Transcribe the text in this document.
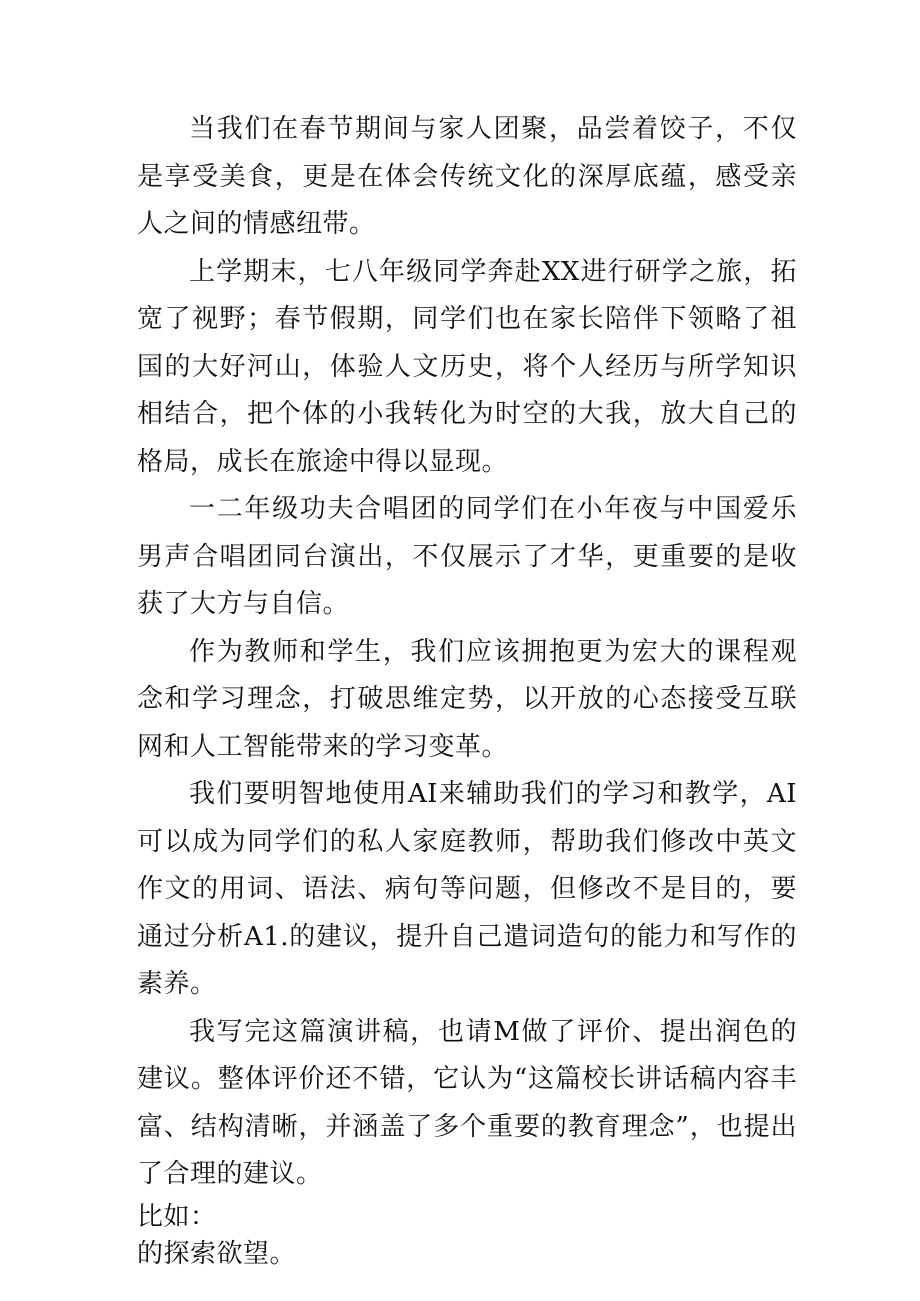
当我们在春节期间与家人团聚，品尝着饺子，不仅是享受美食，更是在体会传统文化的深厚底蕴，感受亲人之间的情感纽带。

上学期末，七八年级同学奔赴XX进行研学之旅，拓宽了视野；春节假期，同学们也在家长陪伴下领略了祖国的大好河山，体验人文历史，将个人经历与所学知识相结合，把个体的小我转化为时空的大我，放大自己的格局，成长在旅途中得以显现。

一二年级功夫合唱团的同学们在小年夜与中国爱乐男声合唱团同台演出，不仅展示了才华，更重要的是收获了大方与自信。

作为教师和学生，我们应该拥抱更为宏大的课程观念和学习理念，打破思维定势，以开放的心态接受互联网和人工智能带来的学习变革。

我们要明智地使用AI来辅助我们的学习和教学，AI可以成为同学们的私人家庭教师，帮助我们修改中英文作文的用词、语法、病句等问题，但修改不是目的，要通过分析A1.的建议，提升自己遣词造句的能力和写作的素养。

我写完这篇演讲稿，也请M做了评价、提出润色的建议。整体评价还不错，它认为“这篇校长讲话稿内容丰富、结构清晰，并涵盖了多个重要的教育理念”，也提出了合理的建议。

比如：

的探索欲望。
